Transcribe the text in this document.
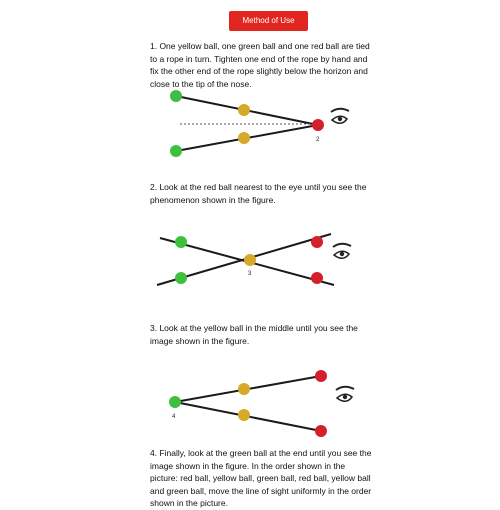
Method of Use

1. One yellow ball, one green ball and one red ball are tied to a rope in turn. Tighten one end of the rope by hand and fix the other end of the rope slightly below the horizon and close to the tip of the nose.

2

2. Look at the red ball nearest to the eye until you see the phenomenon shown in the figure.

3

3. Look at the yellow ball in the middle until you see the image shown in the figure.

4

4. Finally, look at the green ball at the end until you see the image shown in the figure. In the order shown in the picture: red ball, yellow ball, green ball, red ball, yellow ball and green ball, move the line of sight uniformly in the order shown in the picture.
